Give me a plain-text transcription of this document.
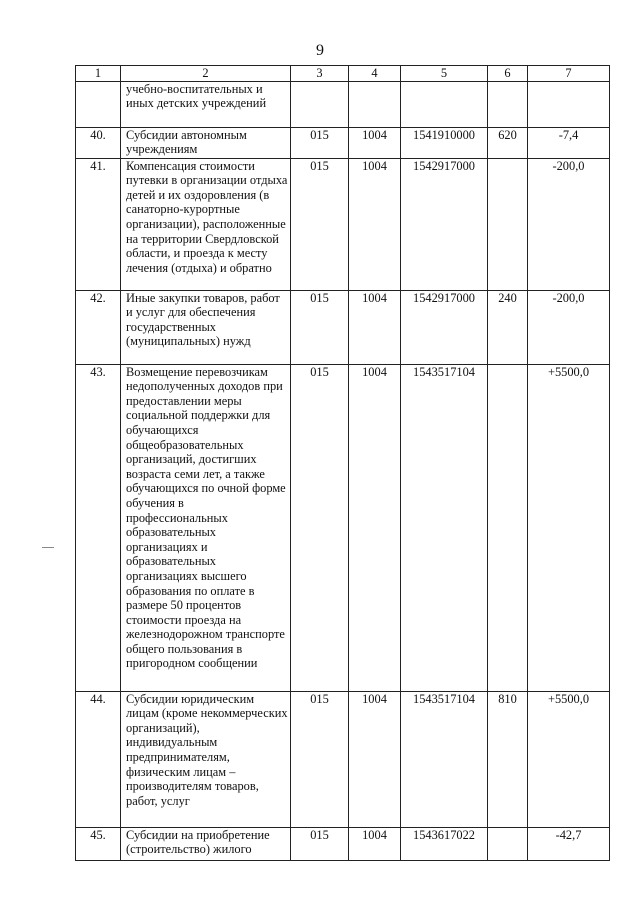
9
1	2	3	4	5	6	7
	учебно-воспитательных и иных детских учреждений					
40.	Субсидии автономным учреждениям	015	1004	1541910000	620	-7,4
41.	Компенсация стоимости путевки в организации отдыха детей и их оздоровления (в санаторно-курортные организации), расположенные на территории Свердловской области, и проезда к месту лечения (отдыха) и обратно	015	1004	1542917000		-200,0
42.	Иные закупки товаров, работ и услуг для обеспечения государственных (муниципальных) нужд	015	1004	1542917000	240	-200,0
43.	Возмещение перевозчикам недополученных доходов при предоставлении меры социальной поддержки для обучающихся общеобразовательных организаций, достигших возраста семи лет, а также обучающихся по очной форме обучения в профессиональных образовательных организациях и образовательных организациях высшего образования по оплате в размере 50 процентов стоимости проезда на железнодорожном транспорте общего пользования в пригородном сообщении	015	1004	1543517104		+5500,0
44.	Субсидии юридическим лицам (кроме некоммерческих организаций), индивидуальным предпринимателям, физическим лицам – производителям товаров, работ, услуг	015	1004	1543517104	810	+5500,0
45.	Субсидии на приобретение (строительство) жилого	015	1004	1543617022		-42,7
